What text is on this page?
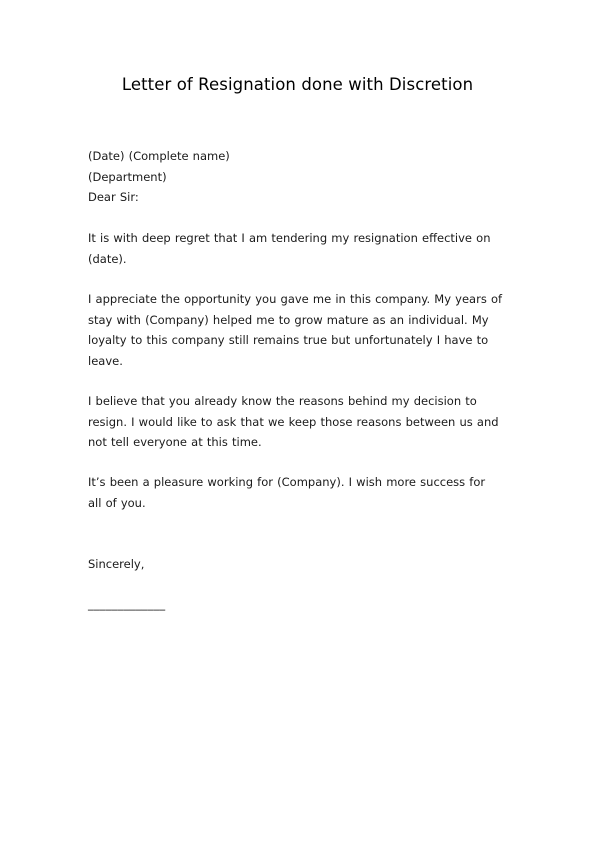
Letter of Resignation done with Discretion
(Date) (Complete name)
(Department)
Dear Sir:
It is with deep regret that I am tendering my resignation effective on
(date).
I appreciate the opportunity you gave me in this company. My years of
stay with (Company) helped me to grow mature as an individual. My
loyalty to this company still remains true but unfortunately I have to
leave.
I believe that you already know the reasons behind my decision to
resign. I would like to ask that we keep those reasons between us and
not tell everyone at this time.
It’s been a pleasure working for (Company). I wish more success for
all of you.
Sincerely,
_____________
